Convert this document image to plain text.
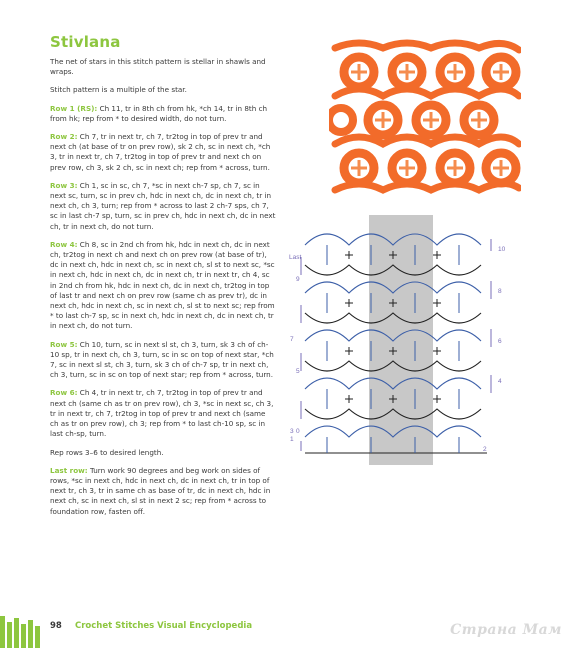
Stivlana

The net of stars in this stitch pattern is stellar in shawls and wraps.

Stitch pattern is a multiple of the star.

Row 1 (RS): Ch 11, tr in 8th ch from hk, *ch 14, tr in 8th ch from hk; rep from * to desired width, do not turn.

Row 2: Ch 7, tr in next tr, ch 7, tr2tog in top of prev tr and next ch (at base of tr on prev row), sk 2 ch, sc in next ch, *ch 3, tr in next tr, ch 7, tr2tog in top of prev tr and next ch on prev row, ch 3, sk 2 ch, sc in next ch; rep from * across, turn.

Row 3: Ch 1, sc in sc, ch 7, *sc in next ch-7 sp, ch 7, sc in next sc, turn, sc in prev ch, hdc in next ch, dc in next ch, tr in next ch, ch 3, turn; rep from * across to last 2 ch-7 sps, ch 7, sc in last ch-7 sp, turn, sc in prev ch, hdc in next ch, dc in next ch, tr in next ch, do not turn.

Row 4: Ch 8, sc in 2nd ch from hk, hdc in next ch, dc in next ch, tr2tog in next ch and next ch on prev row (at base of tr), dc in next ch, hdc in next ch, sc in next ch, sl st to next sc, *sc in next ch, hdc in next ch, dc in next ch, tr in next tr, ch 4, sc in 2nd ch from hk, hdc in next ch, dc in next ch, tr2tog in top of last tr and next ch on prev row (same ch as prev tr), dc in next ch, hdc in next ch, sc in next ch, sl st to next sc; rep from * to last ch-7 sp, sc in next ch, hdc in next ch, dc in next ch, tr in next ch, do not turn.

Row 5: Ch 10, turn, sc in next sl st, ch 3, turn, sk 3 ch of ch-10 sp, tr in next ch, ch 3, turn, sc in sc on top of next star, *ch 7, sc in next sl st, ch 3, turn, sk 3 ch of ch-7 sp, tr in next ch, ch 3, turn, sc in sc on top of next star; rep from * across, turn.

Row 6: Ch 4, tr in next tr, ch 7, tr2tog in top of prev tr and next ch (same ch as tr on prev row), ch 3, *sc in next sc, ch 3, tr in next tr, ch 7, tr2tog in top of prev tr and next ch (same ch as tr on prev row), ch 3; rep from * to last ch-10 sp, sc in last ch-sp, turn.

Rep rows 3–6 to desired length.

Last row: Turn work 90 degrees and beg work on sides of rows, *sc in next ch, hdc in next ch, dc in next ch, tr in top of next tr, ch 3, tr in same ch as base of tr, dc in next ch, hdc in next ch, sc in next ch, sl st in next 2 sc; rep from * across to foundation row, fasten off.

Last
10
9
8
7	6
5
4
3
2
1
0
98 Crochet Stitches Visual Encyclopedia	Страна Мам
